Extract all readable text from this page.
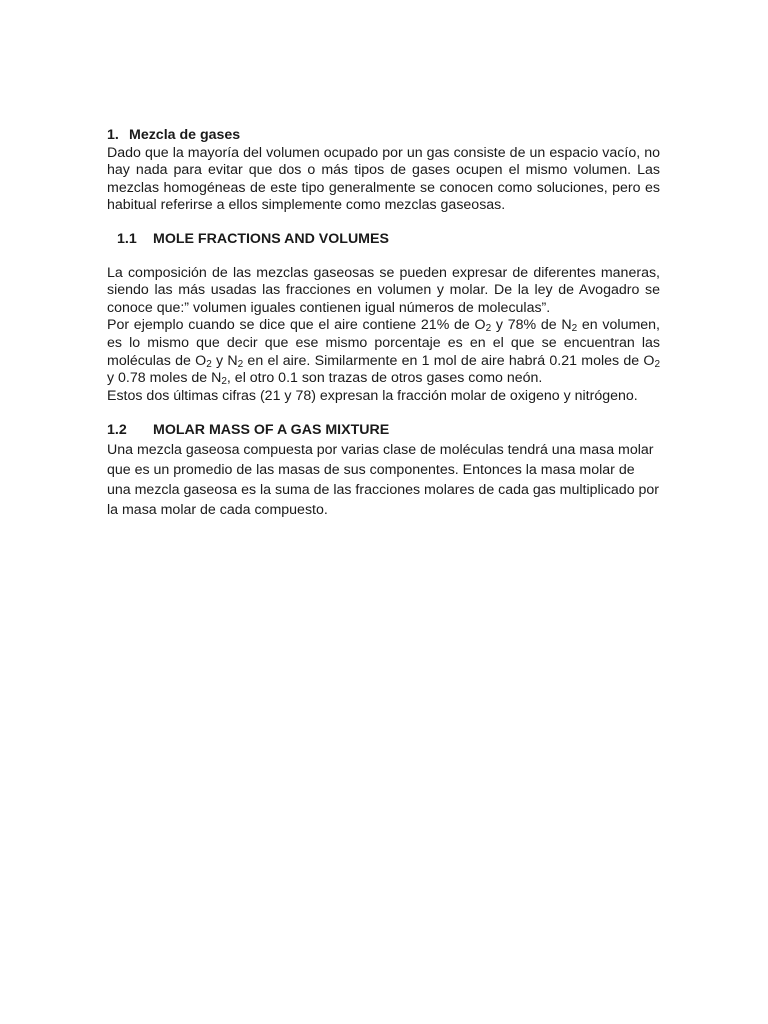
1. Mezcla de gases

Dado que la mayoría del volumen ocupado por un gas consiste de un espacio vacío, no hay nada para evitar que dos o más tipos de gases ocupen el mismo volumen. Las mezclas homogéneas de este tipo generalmente se conocen como soluciones, pero es habitual referirse a ellos simplemente como mezclas gaseosas.

1.1 MOLE FRACTIONS AND VOLUMES

La composición de las mezclas gaseosas se pueden expresar de diferentes maneras, siendo las más usadas las fracciones en volumen y molar. De la ley de Avogadro se conoce que:” volumen iguales contienen igual números de moleculas”.

Por ejemplo cuando se dice que el aire contiene 21% de $O_2$ y 78% de $N_2$ en volumen, es lo mismo que decir que ese mismo porcentaje es en el que se encuentran las moléculas de $O_2$ y $N_2$ en el aire. Similarmente en 1 mol de aire habrá 0.21 moles de $O_2$ y 0.78 moles de $N_2$, el otro 0.1 son trazas de otros gases como neón.

Estos dos últimas cifras (21 y 78) expresan la fracción molar de oxigeno y nitrógeno.

1.2 MOLAR MASS OF A GAS MIXTURE

Una mezcla gaseosa compuesta por varias clase de moléculas tendrá una masa molar que es un promedio de las masas de sus componentes. Entonces la masa molar de una mezcla gaseosa es la suma de las fracciones molares de cada gas multiplicado por la masa molar de cada compuesto.
